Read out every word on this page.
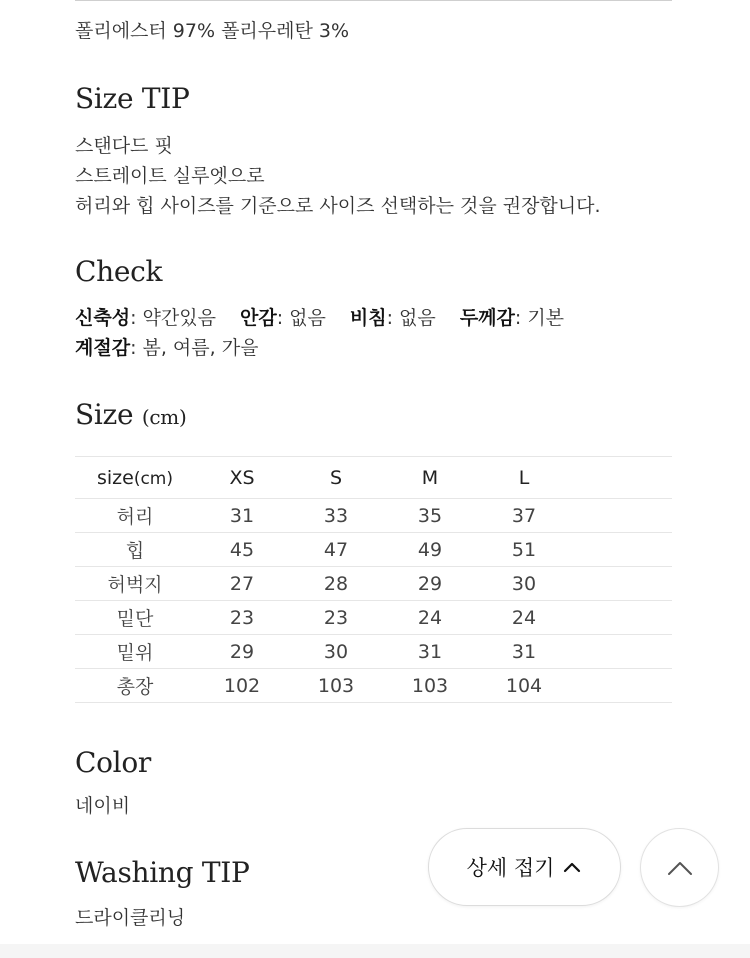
폴리에스터 97% 폴리우레탄 3%
Size TIP
스탠다드 핏
스트레이트 실루엣으로
허리와 힙 사이즈를 기준으로 사이즈 선택하는 것을 권장합니다.
Check
신축성: 약간있음 안감: 없음 비침: 없음 두께감: 기본
계절감: 봄, 여름, 가을
Size (cm)
size(cm)	XS	S	M	L	
허리	31	33	35	37	
힙	45	47	49	51	
허벅지	27	28	29	30	
밑단	23	23	24	24	
밑위	29	30	31	31	
총장	102	103	103	104	
Color
네이비
Washing TIP
드라이클리닝
상세 접기
